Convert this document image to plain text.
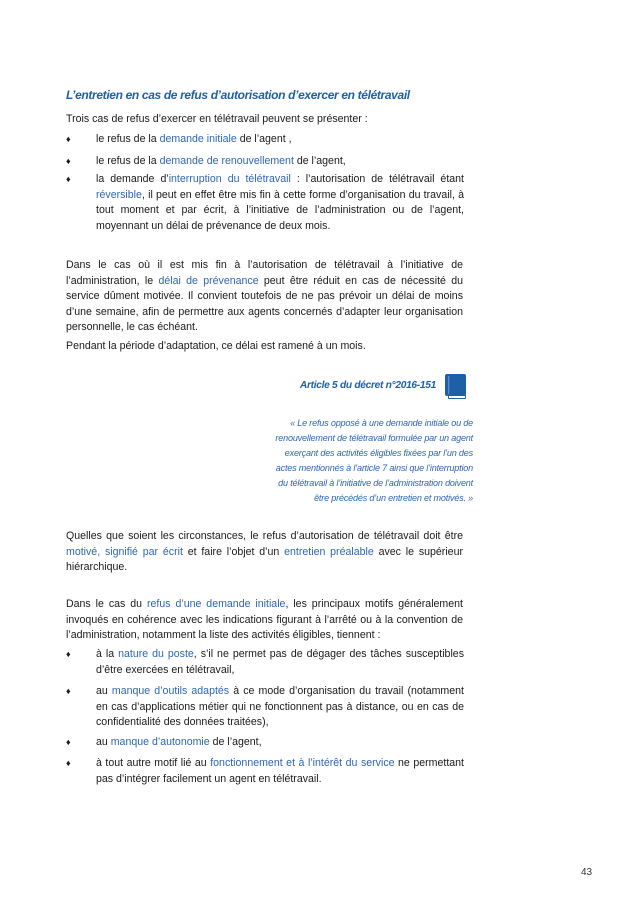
L’entretien en cas de refus d’autorisation d’exercer en télétravail

Trois cas de refus d’exercer en télétravail peuvent se présenter :

♦ le refus de la demande initiale de l’agent ,
♦ le refus de la demande de renouvellement de l’agent,
♦ la demande d’interruption du télétravail : l’autorisation de télétravail étant réversible, il peut en effet être mis fin à cette forme d’organisation du travail, à tout moment et par écrit, à l’initiative de l’administration ou de l’agent, moyennant un délai de prévenance de deux mois.

Dans le cas où il est mis fin à l’autorisation de télétravail à l’initiative de l’administration, le délai de prévenance peut être réduit en cas de nécessité du service dûment motivée. Il convient toutefois de ne pas prévoir un délai de moins d’une semaine, afin de permettre aux agents concernés d’adapter leur organisation personnelle, le cas échéant.

Pendant la période d’adaptation, ce délai est ramené à un mois.

Article 5 du décret n°2016-151
« Le refus opposé à une demande initiale ou de
renouvellement de télétravail formulée par un agent
exerçant des activités éligibles fixées par l’un des
actes mentionnés à l’article 7 ainsi que l’interruption
du télétravail à l’initiative de l’administration doivent
être précédés d’un entretien et motivés. »

Quelles que soient les circonstances, le refus d’autorisation de télétravail doit être motivé, signifié par écrit et faire l’objet d’un entretien préalable avec le supérieur hiérarchique.

Dans le cas du refus d’une demande initiale, les principaux motifs généralement invoqués en cohérence avec les indications figurant à l’arrêté ou à la convention de l’administration, notamment la liste des activités éligibles, tiennent :

♦ à la nature du poste, s’il ne permet pas de dégager des tâches susceptibles d’être exercées en télétravail,
♦ au manque d’outils adaptés à ce mode d’organisation du travail (notamment en cas d’applications métier qui ne fonctionnent pas à distance, ou en cas de confidentialité des données traitées),
♦ au manque d’autonomie de l’agent,
♦ à tout autre motif lié au fonctionnement et à l’intérêt du service ne permettant pas d’intégrer facilement un agent en télétravail.
43
